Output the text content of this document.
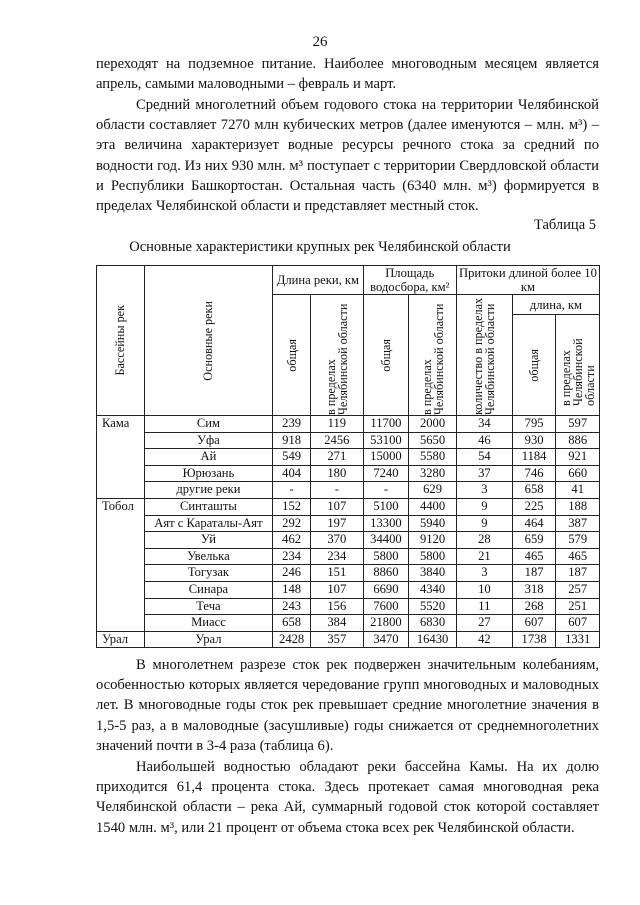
26

переходят на подземное питание. Наиболее многоводным месяцем является апрель, самыми маловодными – февраль и март.

Средний многолетний объем годового стока на территории Челябинской области составляет 7270 млн кубических метров (далее именуются – млн. м³) – эта величина характеризует водные ресурсы речного стока за средний по водности год. Из них 930 млн. м³ поступает с территории Свердловской области и Республики Башкортостан. Остальная часть (6340 млн. м³) формируется в пределах Челябинской области и представляет местный сток.

Таблица 5
Основные характеристики крупных рек Челябинской области
Бассейны рек	Основные реки	Длина реки, км		Площадь водосбора, км²		Притоки длиной более 10 км		

		общая	в пределах Челябинской области	общая	в пределах Челябинской области	количество в пределах Челябинской области	длина, км	

							общая	в пределах Челябинской области

Кама	Сим	239	119	11700	2000	34	795	597
	Уфа	918	2456	53100	5650	46	930	886
	Ай	549	271	15000	5580	54	1184	921
	Юрюзань	404	180	7240	3280	37	746	660
	другие реки	-	-	-	629	3	658	41
Тобол	Синташты	152	107	5100	4400	9	225	188
	Аят с Караталы-Аят	292	197	13300	5940	9	464	387
	Уй	462	370	34400	9120	28	659	579
	Увелька	234	234	5800	5800	21	465	465
	Тогузак	246	151	8860	3840	3	187	187
	Синара	148	107	6690	4340	10	318	257
	Теча	243	156	7600	5520	11	268	251
	Миасс	658	384	21800	6830	27	607	607
Урал	Урал	2428	357	3470	16430	42	1738	1331

В многолетнем разрезе сток рек подвержен значительным колебаниям, особенностью которых является чередование групп многоводных и маловодных лет. В многоводные годы сток рек превышает средние многолетние значения в 1,5-5 раз, а в маловодные (засушливые) годы снижается от среднемноголетних значений почти в 3-4 раза (таблица 6).

Наибольшей водностью обладают реки бассейна Камы. На их долю приходится 61,4 процента стока. Здесь протекает самая многоводная река Челябинской области – река Ай, суммарный годовой сток которой составляет 1540 млн. м³, или 21 процент от объема стока всех рек Челябинской области.
